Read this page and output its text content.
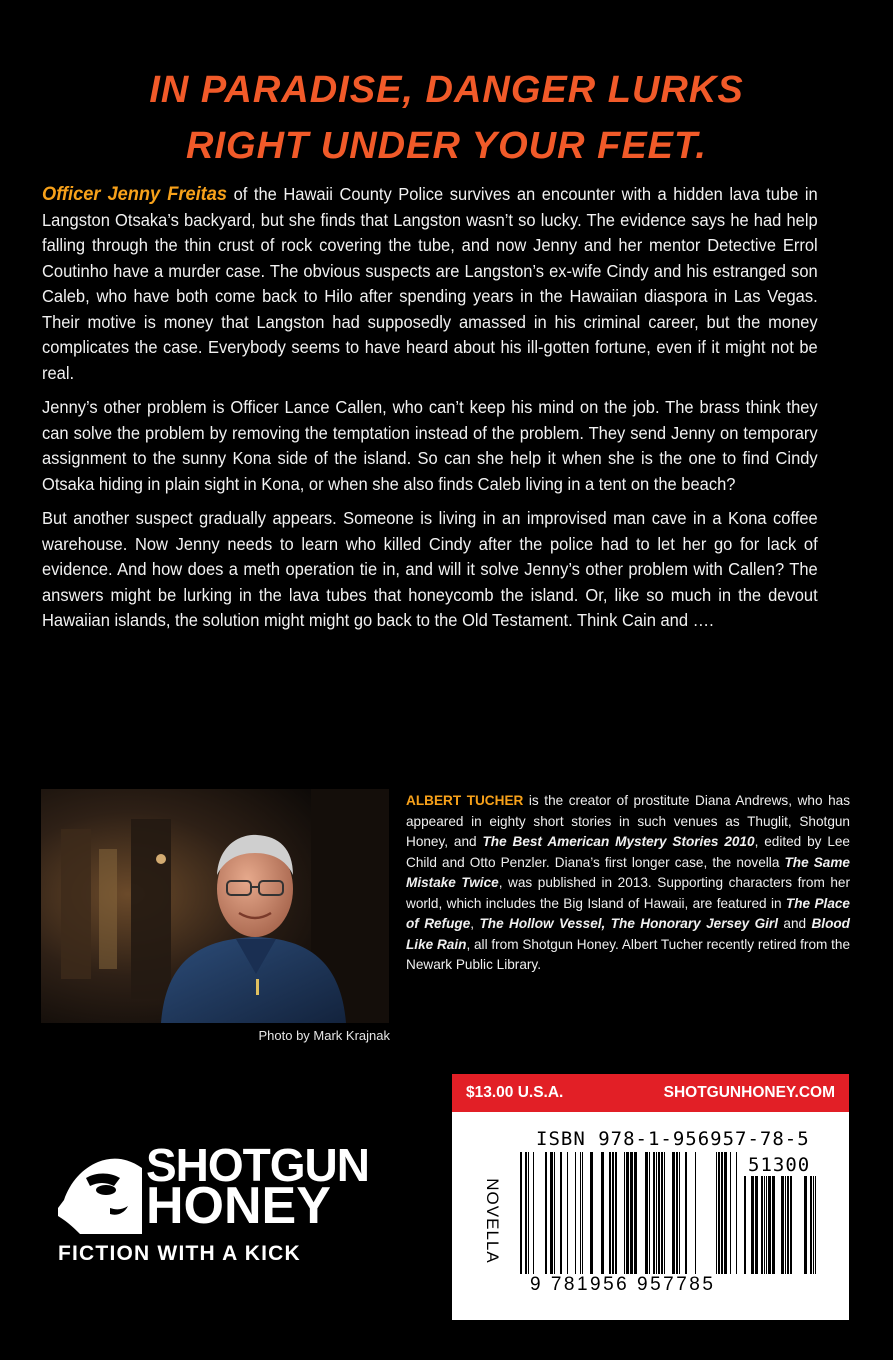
IN PARADISE, DANGER LURKS
RIGHT UNDER YOUR FEET.

Officer Jenny Freitas of the Hawaii County Police survives an encounter with a hidden lava tube in Langston Otsaka’s backyard, but she finds that Langston wasn’t so lucky. The evidence says he had help falling through the thin crust of rock covering the tube, and now Jenny and her mentor Detective Errol Coutinho have a murder case. The obvious suspects are Langston’s ex-wife Cindy and his estranged son Caleb, who have both come back to Hilo after spending years in the Hawaiian diaspora in Las Vegas. Their motive is money that Langston had supposedly amassed in his criminal career, but the money complicates the case. Everybody seems to have heard about his ill-gotten fortune, even if it might not be real.

Jenny’s other problem is Officer Lance Callen, who can’t keep his mind on the job. The brass think they can solve the problem by removing the temptation instead of the problem. They send Jenny on temporary assignment to the sunny Kona side of the island. So can she help it when she is the one to find Cindy Otsaka hiding in plain sight in Kona, or when she also finds Caleb living in a tent on the beach?

But another suspect gradually appears. Someone is living in an improvised man cave in a Kona coffee warehouse. Now Jenny needs to learn who killed Cindy after the police had to let her go for lack of evidence. And how does a meth operation tie in, and will it solve Jenny’s other problem with Callen? The answers might be lurking in the lava tubes that honeycomb the island. Or, like so much in the devout Hawaiian islands, the solution might might go back to the Old Testament. Think Cain and ….

Photo by Mark Krajnak
ALBERT TUCHER is the creator of prostitute Diana Andrews, who has appeared in eighty short stories in such venues as Thuglit, Shotgun Honey, and The Best American Mystery Stories 2010, edited by Lee Child and Otto Penzler. Diana’s first longer case, the novella The Same Mistake Twice, was published in 2013. Supporting characters from her world, which includes the Big Island of Hawaii, are featured in The Place of Refuge, The Hollow Vessel, The Honorary Jersey Girl and Blood Like Rain, all from Shotgun Honey. Albert Tucher recently retired from the Newark Public Library.
$13.00 U.S.A.	SHOTGUNHONEY.COM
ISBN 978-1-956957-78-5
51300
NOVELLA
9 781956 957785
SHOTGUN
HONEY
FICTION WITH A KICK
